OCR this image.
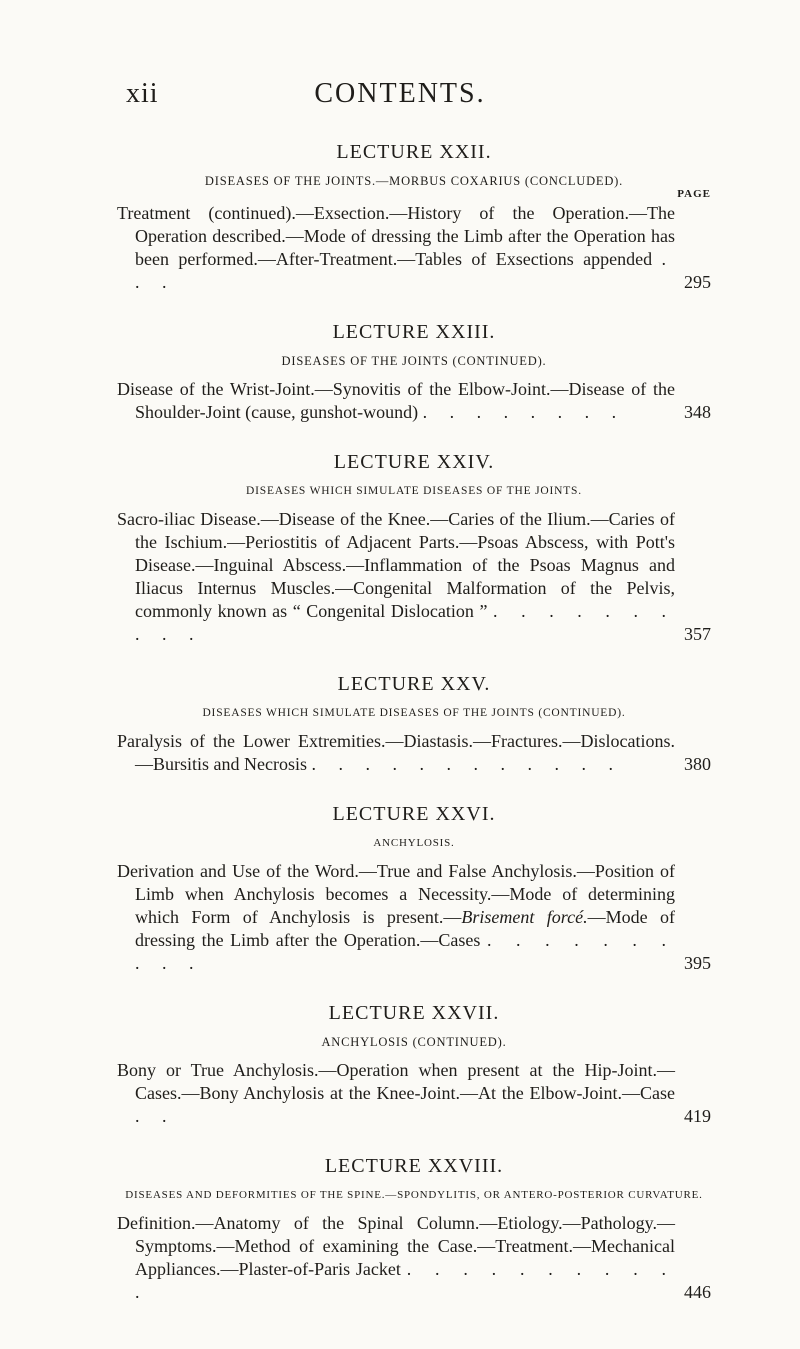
xii	CONTENTS.
LECTURE XXII.
DISEASES OF THE JOINTS.—MORBUS COXARIUS (CONCLUDED).
PAGE
Treatment (continued).—Exsection.—History of the Operation.—The Operation described.—Mode of dressing the Limb after the Operation has been performed.—After-Treatment.—Tables of Exsections appended . . .	295
LECTURE XXIII.
DISEASES OF THE JOINTS (CONTINUED).
Disease of the Wrist-Joint.—Synovitis of the Elbow-Joint.—Disease of the Shoulder-Joint (cause, gunshot-wound) . . . . . . . .	348
LECTURE XXIV.
DISEASES WHICH SIMULATE DISEASES OF THE JOINTS.
Sacro-iliac Disease.—Disease of the Knee.—Caries of the Ilium.—Caries of the Ischium.—Periostitis of Adjacent Parts.—Psoas Abscess, with Pott's Disease.—Inguinal Abscess.—Inflammation of the Psoas Magnus and Iliacus Internus Muscles.—Congenital Malformation of the Pelvis, commonly known as “ Congenital Dislocation ” . . . . . . . . . .	357
LECTURE XXV.
DISEASES WHICH SIMULATE DISEASES OF THE JOINTS (CONTINUED).
Paralysis of the Lower Extremities.—Diastasis.—Fractures.—Dislocations.—Bursitis and Necrosis . . . . . . . . . . . .	380
LECTURE XXVI.
ANCHYLOSIS.
Derivation and Use of the Word.—True and False Anchylosis.—Position of Limb when Anchylosis becomes a Necessity.—Mode of determining which Form of Anchylosis is present.—Brisement forcé.—Mode of dressing the Limb after the Operation.—Cases . . . . . . . . . .	395
LECTURE XXVII.
ANCHYLOSIS (CONTINUED).
Bony or True Anchylosis.—Operation when present at the Hip-Joint.—Cases.—Bony Anchylosis at the Knee-Joint.—At the Elbow-Joint.—Case . .	419
LECTURE XXVIII.
DISEASES AND DEFORMITIES OF THE SPINE.—SPONDYLITIS, OR ANTERO-POSTERIOR CURVATURE.
Definition.—Anatomy of the Spinal Column.—Etiology.—Pathology.—Symptoms.—Method of examining the Case.—Treatment.—Mechanical Appliances.—Plaster-of-Paris Jacket . . . . . . . . . . .	446
